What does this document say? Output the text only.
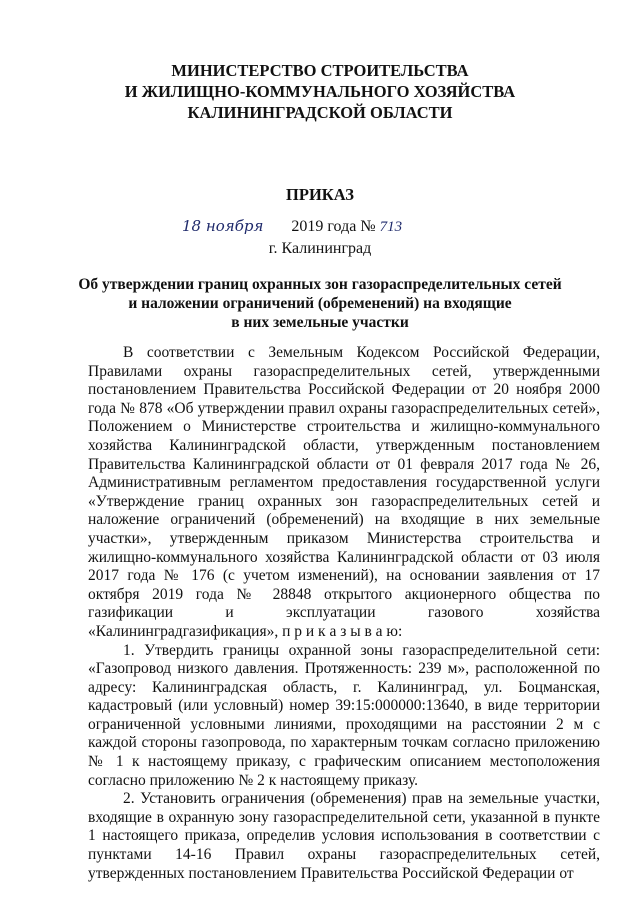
МИНИСТЕРСТВО СТРОИТЕЛЬСТВА
И ЖИЛИЩНО-КОММУНАЛЬНОГО ХОЗЯЙСТВА
КАЛИНИНГРАДСКОЙ ОБЛАСТИ
ПРИКАЗ
18 ноября 2019 года № 713
г. Калининград
Об утверждении границ охранных зон газораспределительных сетей
и наложении ограничений (обременений) на входящие
в них земельные участки

В соответствии с Земельным Кодексом Российской Федерации, Правилами охраны газораспределительных сетей, утвержденными постановлением Правительства Российской Федерации от 20 ноября 2000 года № 878 «Об утверждении правил охраны газораспределительных сетей», Положением о Министерстве строительства и жилищно-коммунального хозяйства Калининградской области, утвержденным постановлением Правительства Калининградской области от 01 февраля 2017 года № 26, Административным регламентом предоставления государственной услуги «Утверждение границ охранных зон газораспределительных сетей и наложение ограничений (обременений) на входящие в них земельные участки», утвержденным приказом Министерства строительства и жилищно-коммунального хозяйства Калининградской области от 03 июля 2017 года № 176 (с учетом изменений), на основании заявления от 17 октября 2019 года № 28848 открытого акционерного общества по газификации и эксплуатации газового хозяйства «Калининградгазификация», п р и к а з ы в а ю:

1. Утвердить границы охранной зоны газораспределительной сети: «Газопровод низкого давления. Протяженность: 239 м», расположенной по адресу: Калининградская область, г. Калининград, ул. Боцманская, кадастровый (или условный) номер 39:15:000000:13640, в виде территории ограниченной условными линиями, проходящими на расстоянии 2 м с каждой стороны газопровода, по характерным точкам согласно приложению № 1 к настоящему приказу, с графическим описанием местоположения согласно приложению № 2 к настоящему приказу.

2. Установить ограничения (обременения) прав на земельные участки, входящие в охранную зону газораспределительной сети, указанной в пункте 1 настоящего приказа, определив условия использования в соответствии с пунктами 14-16 Правил охраны газораспределительных сетей, утвержденных постановлением Правительства Российской Федерации от
